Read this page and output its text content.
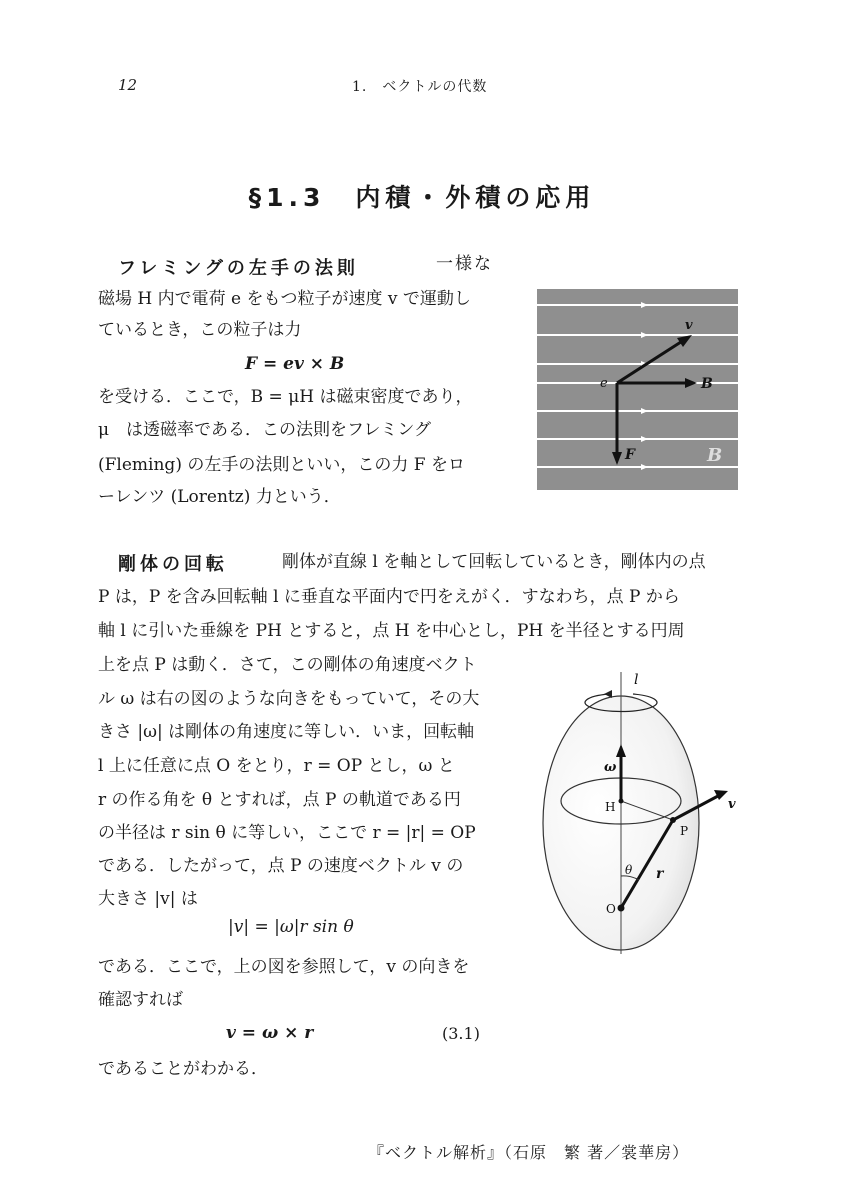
12	1.　ベクトルの代数
§1.3　内積・外積の応用
フレミングの左手の法則	一様な
磁場 H 内で電荷 e をもつ粒子が速度 v で運動し
ているとき，この粒子は力
F = ev × B
を受ける．ここで，B = μH は磁束密度であり，
μ　は透磁率である．この法則をフレミング
(Fleming) の左手の法則といい，この力 F をロ
ーレンツ (Lorentz) 力という．
v
e	B
F	B
剛体の回転	剛体が直線 l を軸として回転しているとき，剛体内の点
P は，P を含み回転軸 l に垂直な平面内で円をえがく．すなわち，点 P から
軸 l に引いた垂線を PH とすると，点 H を中心とし，PH を半径とする円周
上を点 P は動く．さて，この剛体の角速度ベクト
ル ω は右の図のような向きをもっていて，その大
きさ |ω| は剛体の角速度に等しい．いま，回転軸
l 上に任意に点 O をとり，r = OP とし，ω と
r の作る角を θ とすれば，点 P の軌道である円
の半径は r sin θ に等しい，ここで r = |r| = OP
である．したがって，点 P の速度ベクトル v の
大きさ |v| は
|v| = |ω|r sin θ
である．ここで，上の図を参照して，v の向きを
確認すれば
v = ω × r	(3.1)
であることがわかる．
l
ω
H
P
O
θ r
v
『ベクトル解析』（石原　繁 著／裳華房）
